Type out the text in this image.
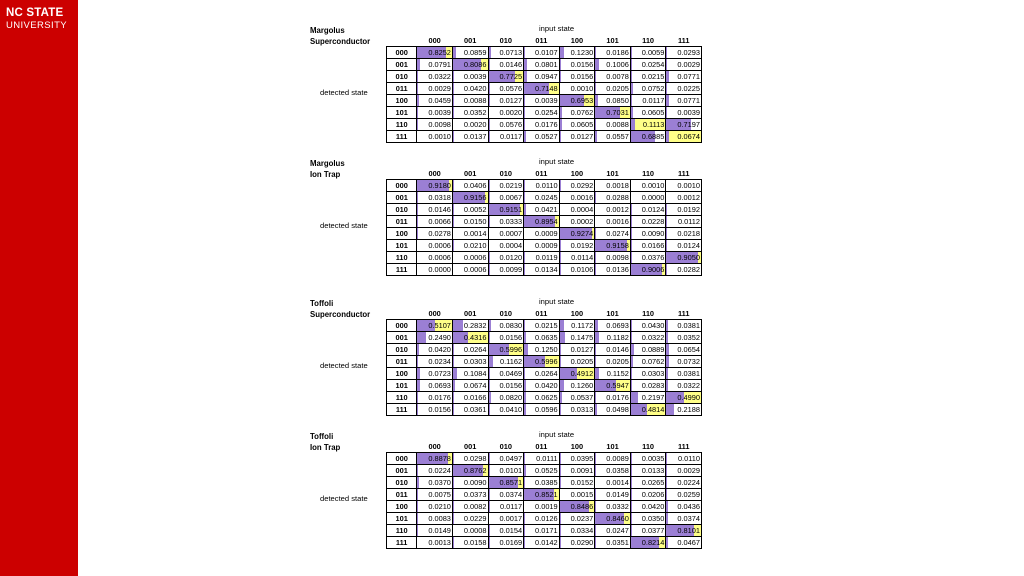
NC STATE
UNIVERSITY	Margolus
Superconductor
input state
detected state
	000	001	010	011	100	101	110	111
000	0.8252	0.0859	0.0713	0.0107	0.1230	0.0186	0.0059	0.0293
001	0.0791	0.8086	0.0146	0.0801	0.0156	0.1006	0.0254	0.0029
010	0.0322	0.0039	0.7725	0.0947	0.0156	0.0078	0.0215	0.0771
011	0.0029	0.0420	0.0576	0.7148	0.0010	0.0205	0.0752	0.0225
100	0.0459	0.0088	0.0127	0.0039	0.6953	0.0850	0.0117	0.0771
101	0.0039	0.0352	0.0020	0.0254	0.0762	0.7031	0.0605	0.0039
110	0.0098	0.0020	0.0576	0.0176	0.0605	0.0088	0.1113	0.7197
111	0.0010	0.0137	0.0117	0.0527	0.0127	0.0557	0.6885	0.0674
Margolus
Ion Trap
input state
detected state
	000	001	010	011	100	101	110	111
000	0.9180	0.0406	0.0219	0.0110	0.0292	0.0018	0.0010	0.0010
001	0.0318	0.9156	0.0067	0.0245	0.0016	0.0288	0.0000	0.0012
010	0.0146	0.0052	0.9151	0.0421	0.0004	0.0012	0.0124	0.0192
011	0.0066	0.0150	0.0333	0.8954	0.0002	0.0016	0.0228	0.0112
100	0.0278	0.0014	0.0007	0.0009	0.9274	0.0274	0.0090	0.0218
101	0.0006	0.0210	0.0004	0.0009	0.0192	0.9158	0.0166	0.0124
110	0.0006	0.0006	0.0120	0.0119	0.0114	0.0098	0.0376	0.9050
111	0.0000	0.0006	0.0099	0.0134	0.0106	0.0136	0.9006	0.0282
Toffoli
Superconductor
input state
detected state
	000	001	010	011	100	101	110	111
000	0.5107	0.2832	0.0830	0.0215	0.1172	0.0693	0.0430	0.0381
001	0.2490	0.4316	0.0156	0.0635	0.1475	0.1182	0.0322	0.0352
010	0.0420	0.0264	0.5996	0.1250	0.0127	0.0146	0.0889	0.0654
011	0.0234	0.0303	0.1162	0.5996	0.0205	0.0205	0.0762	0.0732
100	0.0723	0.1084	0.0469	0.0264	0.4912	0.1152	0.0303	0.0381
101	0.0693	0.0674	0.0156	0.0420	0.1260	0.5947	0.0283	0.0322
110	0.0176	0.0166	0.0820	0.0625	0.0537	0.0176	0.2197	0.4990
111	0.0156	0.0361	0.0410	0.0596	0.0313	0.0498	0.4814	0.2188
Toffoli
Ion Trap
input state
detected state
	000	001	010	011	100	101	110	111
000	0.8878	0.0298	0.0497	0.0111	0.0395	0.0089	0.0035	0.0110
001	0.0224	0.8762	0.0101	0.0525	0.0091	0.0358	0.0133	0.0029
010	0.0370	0.0090	0.8571	0.0385	0.0152	0.0014	0.0265	0.0224
011	0.0075	0.0373	0.0374	0.8521	0.0015	0.0149	0.0206	0.0259
100	0.0210	0.0082	0.0117	0.0019	0.8486	0.0332	0.0420	0.0436
101	0.0083	0.0229	0.0017	0.0126	0.0237	0.8460	0.0350	0.0374
110	0.0149	0.0008	0.0154	0.0171	0.0334	0.0247	0.0377	0.8101
111	0.0013	0.0158	0.0169	0.0142	0.0290	0.0351	0.8214	0.0467
